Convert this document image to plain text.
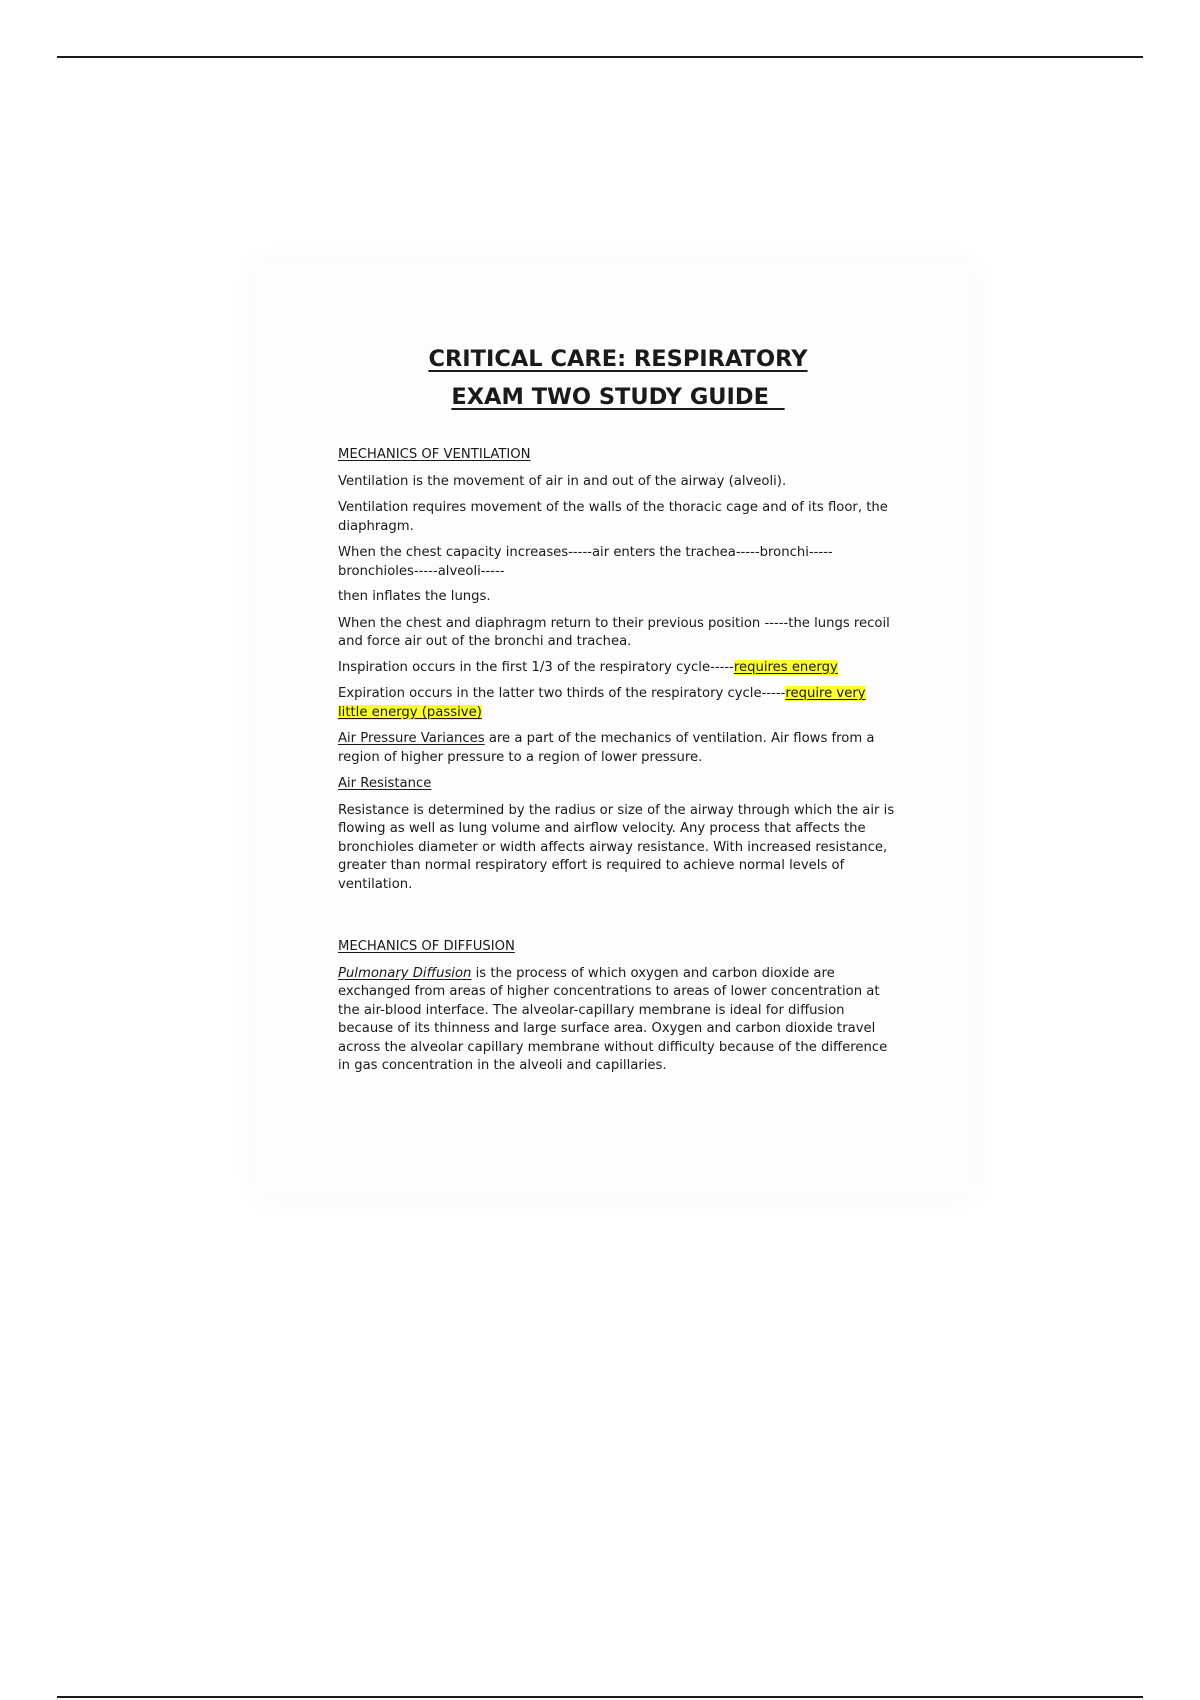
CRITICAL CARE: RESPIRATORY
EXAM TWO STUDY GUIDE

MECHANICS OF VENTILATION

Ventilation is the movement of air in and out of the airway (alveoli).

Ventilation requires movement of the walls of the thoracic cage and of its floor, the diaphragm.

When the chest capacity increases-----air enters the trachea-----bronchi----- bronchioles-----alveoli-----

then inflates the lungs.

When the chest and diaphragm return to their previous position -----the lungs recoil and force air out of the bronchi and trachea.

Inspiration occurs in the first 1/3 of the respiratory cycle-----requires energy

Expiration occurs in the latter two thirds of the respiratory cycle-----require very little energy (passive)

Air Pressure Variances are a part of the mechanics of ventilation. Air flows from a region of higher pressure to a region of lower pressure.

Air Resistance

Resistance is determined by the radius or size of the airway through which the air is flowing as well as lung volume and airflow velocity. Any process that affects the bronchioles diameter or width affects airway resistance. With increased resistance, greater than normal respiratory effort is required to achieve normal levels of ventilation.

MECHANICS OF DIFFUSION

Pulmonary Diffusion is the process of which oxygen and carbon dioxide are exchanged from areas of higher concentrations to areas of lower concentration at the air-blood interface. The alveolar-capillary membrane is ideal for diffusion because of its thinness and large surface area. Oxygen and carbon dioxide travel across the alveolar capillary membrane without difficulty because of the difference in gas concentration in the alveoli and capillaries.
